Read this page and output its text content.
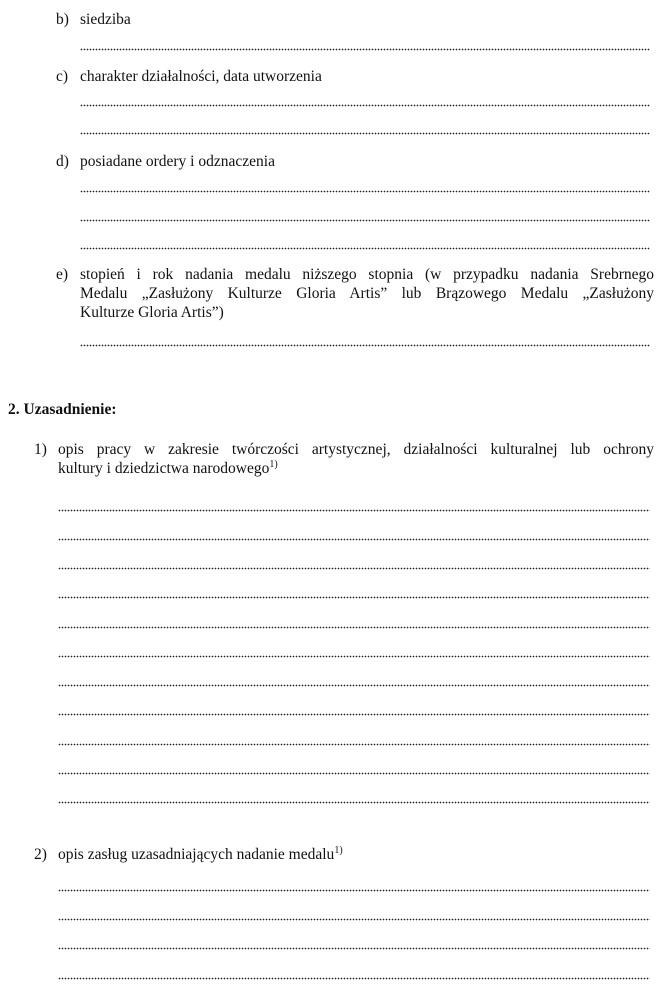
b) siedziba
c) charakter działalności, data utworzenia
d) posiadane ordery i odznaczenia
e) stopień i rok nadania medalu niższego stopnia (w przypadku nadania Srebrnego
Medalu „Zasłużony Kulturze Gloria Artis” lub Brązowego Medalu „Zasłużony
Kulturze Gloria Artis”)
2. Uzasadnienie:
1) opis pracy w zakresie twórczości artystycznej, działalności kulturalnej lub ochrony
kultury i dziedzictwa narodowego$^{1)}$
2) opis zasług uzasadniających nadanie medalu$^{1)}$
